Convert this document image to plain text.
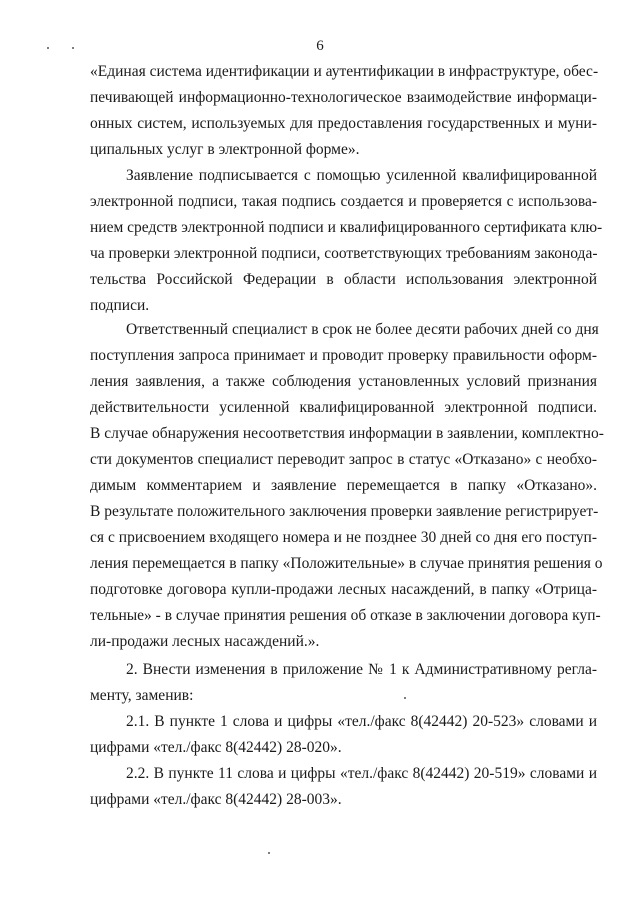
6
«Единая система идентификации и аутентификации в инфраструктуре, обес-
печивающей информационно-технологическое взаимодействие информаци-
онных систем, используемых для предоставления государственных и муни-
ципальных услуг в электронной форме».
Заявление подписывается с помощью усиленной квалифицированной
электронной подписи, такая подпись создается и проверяется с использова-
нием средств электронной подписи и квалифицированного сертификата клю-
ча проверки электронной подписи, соответствующих требованиям законода-
тельства Российской Федерации в области использования электронной
подписи.
Ответственный специалист в срок не более десяти рабочих дней со дня
поступления запроса принимает и проводит проверку правильности оформ-
ления заявления, а также соблюдения установленных условий признания
действительности усиленной квалифицированной электронной подписи.
В случае обнаружения несоответствия информации в заявлении, комплектно-
сти документов специалист переводит запрос в статус «Отказано» с необхо-
димым комментарием и заявление перемещается в папку «Отказано».
В результате положительного заключения проверки заявление регистрирует-
ся с присвоением входящего номера и не позднее 30 дней со дня его поступ-
ления перемещается в папку «Положительные» в случае принятия решения о
подготовке договора купли-продажи лесных насаждений, в папку «Отрица-
тельные» - в случае принятия решения об отказе в заключении договора куп-
ли-продажи лесных насаждений.».
2. Внести изменения в приложение № 1 к Административному регла-
менту, заменив:
2.1. В пункте 1 слова и цифры «тел./факс 8(42442) 20-523» словами и
цифрами «тел./факс 8(42442) 28-020».
2.2. В пункте 11 слова и цифры «тел./факс 8(42442) 20-519» словами и
цифрами «тел./факс 8(42442) 28-003».
